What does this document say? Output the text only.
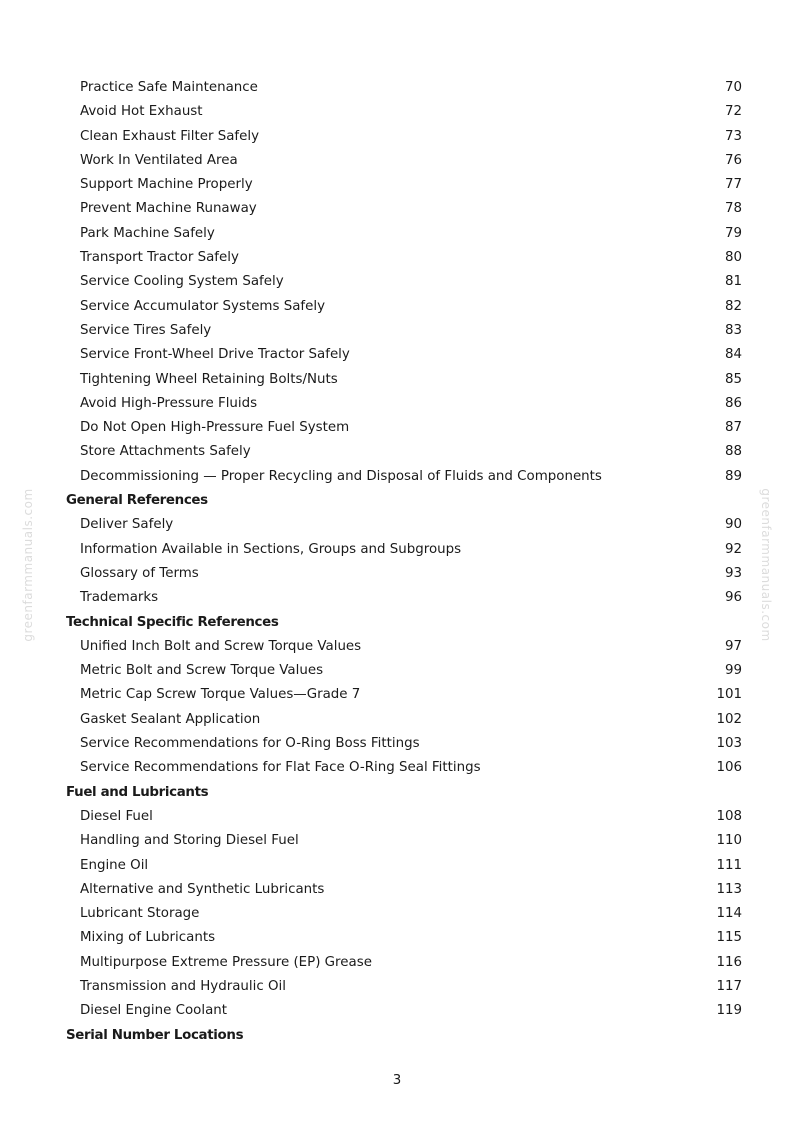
Practice Safe Maintenance	70
Avoid Hot Exhaust	72
Clean Exhaust Filter Safely	73
Work In Ventilated Area	76
Support Machine Properly	77
Prevent Machine Runaway	78
Park Machine Safely	79
Transport Tractor Safely	80
Service Cooling System Safely	81
Service Accumulator Systems Safely	82
Service Tires Safely	83
Service Front-Wheel Drive Tractor Safely	84
Tightening Wheel Retaining Bolts/Nuts	85
Avoid High-Pressure Fluids	86
Do Not Open High-Pressure Fuel System	87
Store Attachments Safely	88
Decommissioning — Proper Recycling and Disposal of Fluids and Components	89
General References
Deliver Safely	90
Information Available in Sections, Groups and Subgroups	92
Glossary of Terms	93
Trademarks	96
Technical Specific References
Unified Inch Bolt and Screw Torque Values	97
Metric Bolt and Screw Torque Values	99
Metric Cap Screw Torque Values—Grade 7	101
Gasket Sealant Application	102
Service Recommendations for O-Ring Boss Fittings	103
Service Recommendations for Flat Face O-Ring Seal Fittings	106
Fuel and Lubricants
Diesel Fuel	108
Handling and Storing Diesel Fuel	110
Engine Oil	111
Alternative and Synthetic Lubricants	113
Lubricant Storage	114
Mixing of Lubricants	115
Multipurpose Extreme Pressure (EP) Grease	116
Transmission and Hydraulic Oil	117
Diesel Engine Coolant	119
Serial Number Locations
greenfarmmanuals.com	greenfarmmanuals.com
3
